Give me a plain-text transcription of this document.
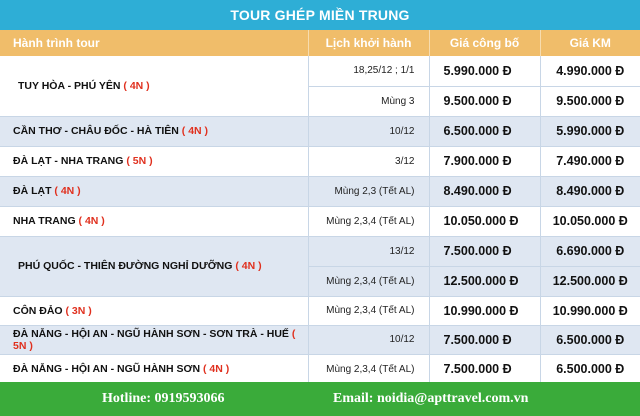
TOUR GHÉP MIỀN TRUNG
Hành trình tour	Lịch khởi hành	Giá công bố	Giá KM
TUY HÒA - PHÚ YÊN ( 4N )	18,25/12 ; 1/1	5.990.000 Đ	4.990.000 Đ
	Mùng 3	9.500.000 Đ	9.500.000 Đ
CẦN THƠ - CHÂU ĐỐC - HÀ TIÊN ( 4N )	10/12	6.500.000 Đ	5.990.000 Đ
ĐÀ LẠT - NHA TRANG ( 5N )	3/12	7.900.000 Đ	7.490.000 Đ
ĐÀ LẠT ( 4N )	Mùng 2,3 (Tết AL)	8.490.000 Đ	8.490.000 Đ
NHA TRANG ( 4N )	Mùng 2,3,4 (Tết AL)	10.050.000 Đ	10.050.000 Đ
PHÚ QUỐC - THIÊN ĐƯỜNG NGHỈ DƯỠNG ( 4N )	13/12	7.500.000 Đ	6.690.000 Đ
	Mùng 2,3,4 (Tết AL)	12.500.000 Đ	12.500.000 Đ
CÔN ĐẢO ( 3N )	Mùng 2,3,4 (Tết AL)	10.990.000 Đ	10.990.000 Đ
ĐÀ NẴNG - HỘI AN - NGŨ HÀNH SƠN - SƠN TRÀ - HUẾ ( 5N )	10/12	7.500.000 Đ	6.500.000 Đ
ĐÀ NẴNG - HỘI AN - NGŨ HÀNH SƠN ( 4N )	Mùng 2,3,4 (Tết AL)	7.500.000 Đ	6.500.000 Đ
Hotline: 0919593066	Email: noidia@apttravel.com.vn
